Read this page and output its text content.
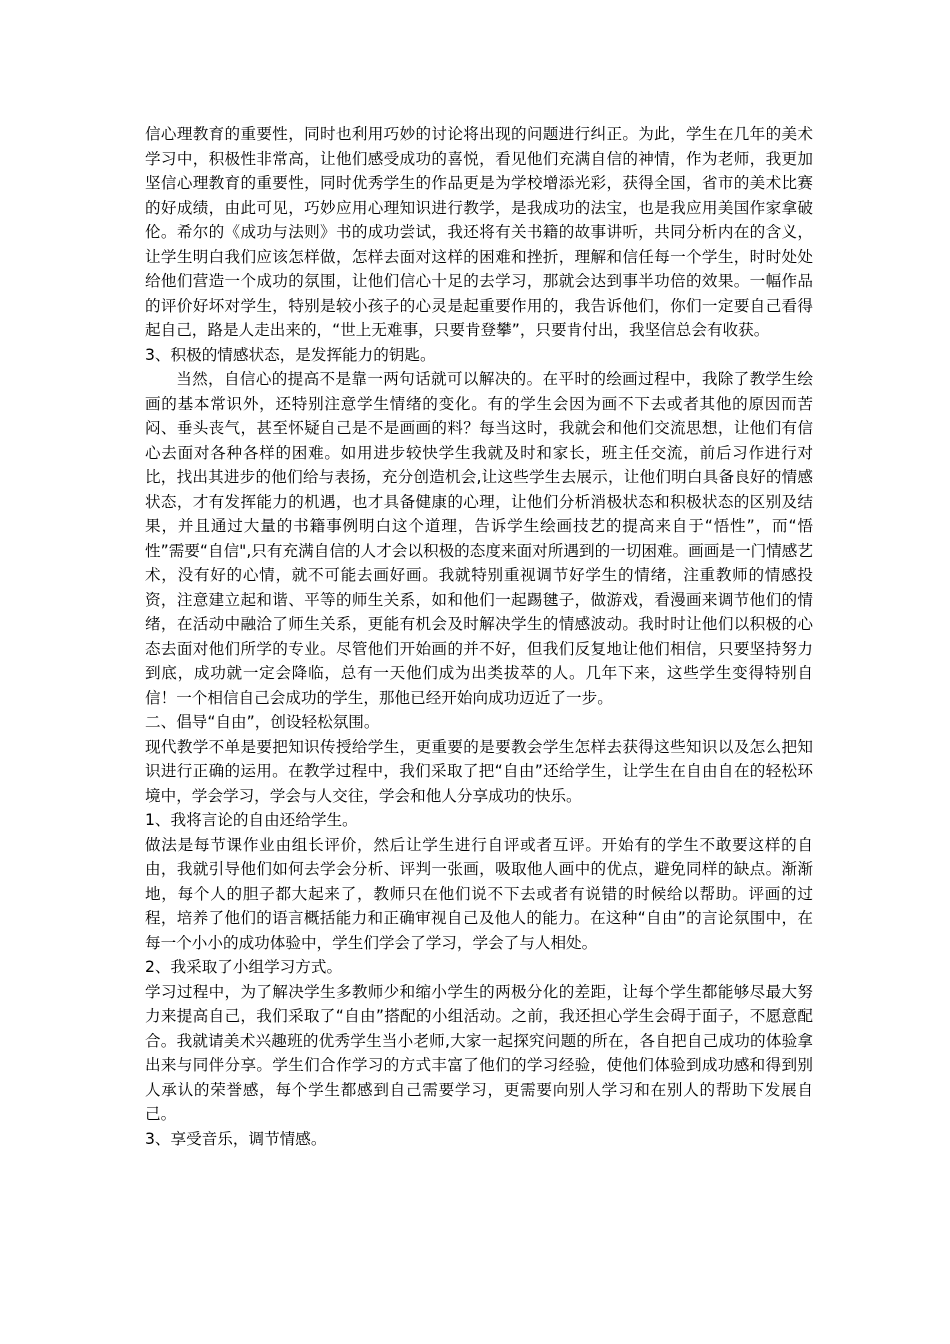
信心理教育的重要性，同时也利用巧妙的讨论将出现的问题进行纠正。为此，学生在几年的美术学习中，积极性非常高，让他们感受成功的喜悦，看见他们充满自信的神情，作为老师，我更加坚信心理教育的重要性，同时优秀学生的作品更是为学校增添光彩，获得全国，省市的美术比赛的好成绩，由此可见，巧妙应用心理知识进行教学，是我成功的法宝，也是我应用美国作家拿破伦。希尔的《成功与法则》书的成功尝试，我还将有关书籍的故事讲听，共同分析内在的含义，让学生明白我们应该怎样做，怎样去面对这样的困难和挫折，理解和信任每一个学生，时时处处给他们营造一个成功的氛围，让他们信心十足的去学习，那就会达到事半功倍的效果。一幅作品的评价好坏对学生，特别是较小孩子的心灵是起重要作用的，我告诉他们，你们一定要自己看得起自己，路是人走出来的，“世上无难事，只要肯登攀”，只要肯付出，我坚信总会有收获。

3、积极的情感状态，是发挥能力的钥匙。

当然，自信心的提高不是靠一两句话就可以解决的。在平时的绘画过程中，我除了教学生绘画的基本常识外，还特别注意学生情绪的变化。有的学生会因为画不下去或者其他的原因而苦闷、垂头丧气，甚至怀疑自己是不是画画的料？每当这时，我就会和他们交流思想，让他们有信心去面对各种各样的困难。如用进步较快学生我就及时和家长，班主任交流，前后习作进行对比，找出其进步的他们给与表扬，充分创造机会,让这些学生去展示，让他们明白具备良好的情感状态，才有发挥能力的机遇，也才具备健康的心理，让他们分析消极状态和积极状态的区别及结果，并且通过大量的书籍事例明白这个道理，告诉学生绘画技艺的提高来自于“悟性”，而“悟性”需要“自信",只有充满自信的人才会以积极的态度来面对所遇到的一切困难。画画是一门情感艺术，没有好的心情，就不可能去画好画。我就特别重视调节好学生的情绪，注重教师的情感投资，注意建立起和谐、平等的师生关系，如和他们一起踢毽子，做游戏，看漫画来调节他们的情绪，在活动中融洽了师生关系，更能有机会及时解决学生的情感波动。我时时让他们以积极的心态去面对他们所学的专业。尽管他们开始画的并不好，但我们反复地让他们相信，只要坚持努力到底，成功就一定会降临，总有一天他们成为出类拔萃的人。几年下来，这些学生变得特别自信！一个相信自己会成功的学生，那他已经开始向成功迈近了一步。

二、倡导“自由”，创设轻松氛围。

现代教学不单是要把知识传授给学生，更重要的是要教会学生怎样去获得这些知识以及怎么把知识进行正确的运用。在教学过程中，我们采取了把“自由”还给学生，让学生在自由自在的轻松环境中，学会学习，学会与人交往，学会和他人分享成功的快乐。

1、我将言论的自由还给学生。

做法是每节课作业由组长评价，然后让学生进行自评或者互评。开始有的学生不敢要这样的自由，我就引导他们如何去学会分析、评判一张画，吸取他人画中的优点，避免同样的缺点。渐渐地，每个人的胆子都大起来了，教师只在他们说不下去或者有说错的时候给以帮助。评画的过程，培养了他们的语言概括能力和正确审视自己及他人的能力。在这种“自由”的言论氛围中，在每一个小小的成功体验中，学生们学会了学习，学会了与人相处。

2、我采取了小组学习方式。

学习过程中，为了解决学生多教师少和缩小学生的两极分化的差距，让每个学生都能够尽最大努力来提高自己，我们采取了“自由”搭配的小组活动。之前，我还担心学生会碍于面子，不愿意配合。我就请美术兴趣班的优秀学生当小老师,大家一起探究问题的所在，各自把自己成功的体验拿出来与同伴分享。学生们合作学习的方式丰富了他们的学习经验，使他们体验到成功感和得到别人承认的荣誉感，每个学生都感到自己需要学习，更需要向别人学习和在别人的帮助下发展自己。

3、享受音乐，调节情感。
